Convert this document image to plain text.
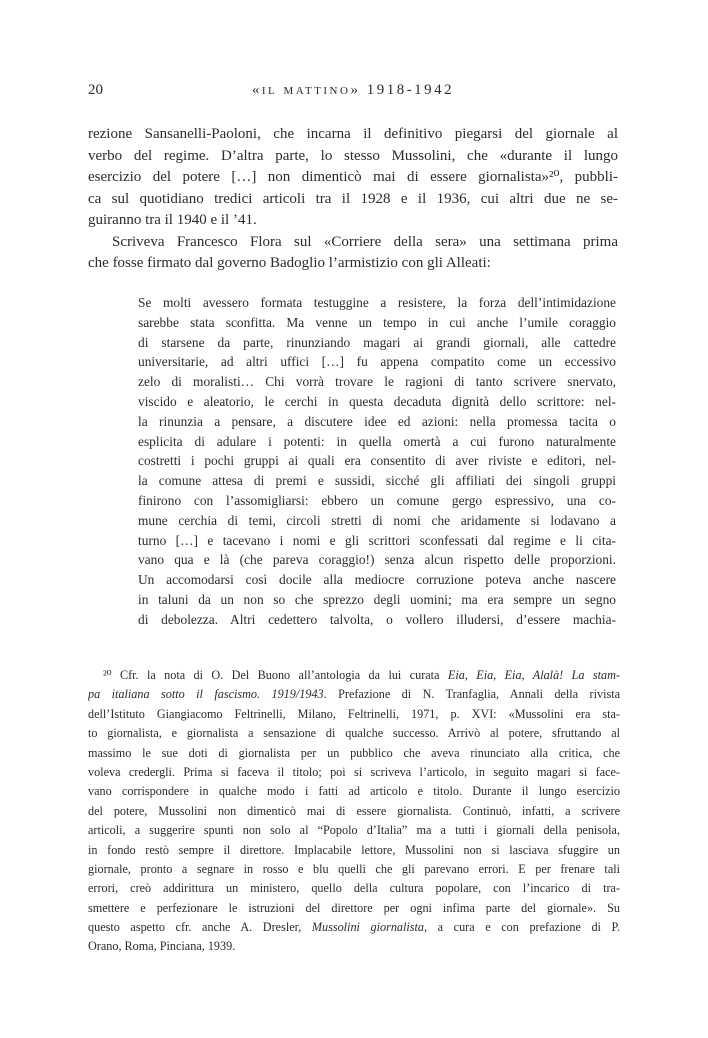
20	«il mattino» 1918-1942
rezione Sansanelli-Paoloni, che incarna il definitivo piegarsi del giornale al
verbo del regime. D’altra parte, lo stesso Mussolini, che «durante il lungo
esercizio del potere […] non dimenticò mai di essere giornalista»²⁰, pubbli-
ca sul quotidiano tredici articoli tra il 1928 e il 1936, cui altri due ne se-
guiranno tra il 1940 e il ’41.
Scriveva Francesco Flora sul «Corriere della sera» una settimana prima
che fosse firmato dal governo Badoglio l’armistizio con gli Alleati:
Se molti avessero formata testuggine a resistere, la forza dell’intimidazione
sarebbe stata sconfitta. Ma venne un tempo in cui anche l’umile coraggio
di starsene da parte, rinunziando magari ai grandi giornali, alle cattedre
universitarie, ad altri uffici […] fu appena compatito come un eccessivo
zelo di moralisti… Chi vorrà trovare le ragioni di tanto scrivere snervato,
viscido e aleatorio, le cerchi in questa decaduta dignità dello scrittore: nel-
la rinunzia a pensare, a discutere idee ed azioni: nella promessa tacita o
esplicita di adulare i potenti: in quella omertà a cui furono naturalmente
costretti i pochi gruppi ai quali era consentito di aver riviste e editori, nel-
la comune attesa di premi e sussidi, sicché gli affiliati dei singoli gruppi
finirono con l’assomigliarsi: ebbero un comune gergo espressivo, una co-
mune cerchia di temi, circoli stretti di nomi che aridamente si lodavano a
turno […] e tacevano i nomi e gli scrittori sconfessati dal regime e li cita-
vano qua e là (che pareva coraggio!) senza alcun rispetto delle proporzioni.
Un accomodarsi così docile alla mediocre corruzione poteva anche nascere
in taluni da un non so che sprezzo degli uomini; ma era sempre un segno
di debolezza. Altri cedettero talvolta, o vollero illudersi, d’essere machia-
²⁰ Cfr. la nota di O. Del Buono all’antologia da lui curata Eia, Eia, Eia, Alalà! La stam-
pa italiana sotto il fascismo. 1919/1943. Prefazione di N. Tranfaglia, Annali della rivista
dell’Istituto Giangiacomo Feltrinelli, Milano, Feltrinelli, 1971, p. XVI: «Mussolini era sta-
to giornalista, e giornalista a sensazione di qualche successo. Arrivò al potere, sfruttando al
massimo le sue doti di giornalista per un pubblico che aveva rinunciato alla critica, che
voleva credergli. Prima si faceva il titolo; poi si scriveva l’articolo, in seguito magari si face-
vano corrispondere in qualche modo i fatti ad articolo e titolo. Durante il lungo esercizio
del potere, Mussolini non dimenticò mai di essere giornalista. Continuò, infatti, a scrivere
articoli, a suggerire spunti non solo al “Popolo d’Italia” ma a tutti i giornali della penisola,
in fondo restò sempre il direttore. Implacabile lettore, Mussolini non si lasciava sfuggire un
giornale, pronto a segnare in rosso e blu quelli che gli parevano errori. E per frenare tali
errori, creò addirittura un ministero, quello della cultura popolare, con l’incarico di tra-
smettere e perfezionare le istruzioni del direttore per ogni infima parte del giornale». Su
questo aspetto cfr. anche A. Dresler, Mussolini giornalista, a cura e con prefazione di P.
Orano, Roma, Pinciana, 1939.
